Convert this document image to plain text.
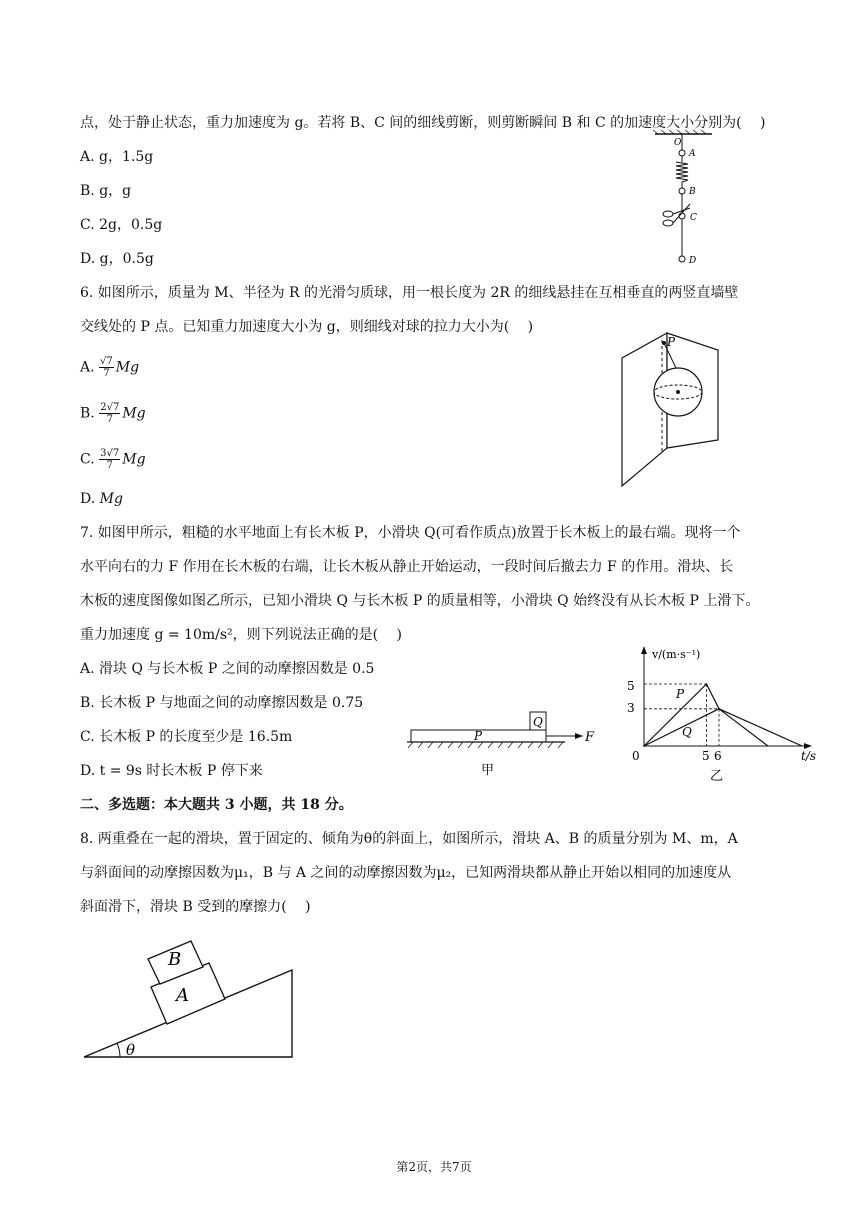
点，处于静止状态，重力加速度为 g。若将 B、C 间的细线剪断，则剪断瞬间 B 和 C 的加速度大小分别为(　 )
A. g，1.5g
B. g，g
C. 2g，0.5g
D. g，0.5g
O
A
B
C
D
6. 如图所示，质量为 M、半径为 R 的光滑匀质球，用一根长度为 2R 的细线悬挂在互相垂直的两竖直墙壁
交线处的 P 点。已知重力加速度大小为 g，则细线对球的拉力大小为(　 )
A. $\frac{√7}{7}$ Mg
B. $\frac{2√7}{7}$ Mg
C. $\frac{3√7}{7}$ Mg
D. Mg
P
7. 如图甲所示，粗糙的水平地面上有长木板 P，小滑块 Q(可看作质点)放置于长木板上的最右端。现将一个
水平向右的力 F 作用在长木板的右端，让长木板从静止开始运动，一段时间后撤去力 F 的作用。滑块、长
木板的速度图像如图乙所示，已知小滑块 Q 与长木板 P 的质量相等，小滑块 Q 始终没有从长木板 P 上滑下。
重力加速度 g = 10m/s²，则下列说法正确的是(　 )
A. 滑块 Q 与长木板 P 之间的动摩擦因数是 0.5
B. 长木板 P 与地面之间的动摩擦因数是 0.75
C. 长木板 P 的长度至少是 16.5m
D. t = 9s 时长木板 P 停下来
Q
P	F
甲
v/(m·s⁻¹)
t/s
0
5
3
5 6
P
Q
乙
二、多选题：本大题共 3 小题，共 18 分。
8. 两重叠在一起的滑块，置于固定的、倾角为θ的斜面上，如图所示，滑块 A、B 的质量分别为 M、m，A
与斜面间的动摩擦因数为μ₁，B 与 A 之间的动摩擦因数为μ₂，已知两滑块都从静止开始以相同的加速度从
斜面滑下，滑块 B 受到的摩擦力(　 )
A
B
θ
第2页，共7页
